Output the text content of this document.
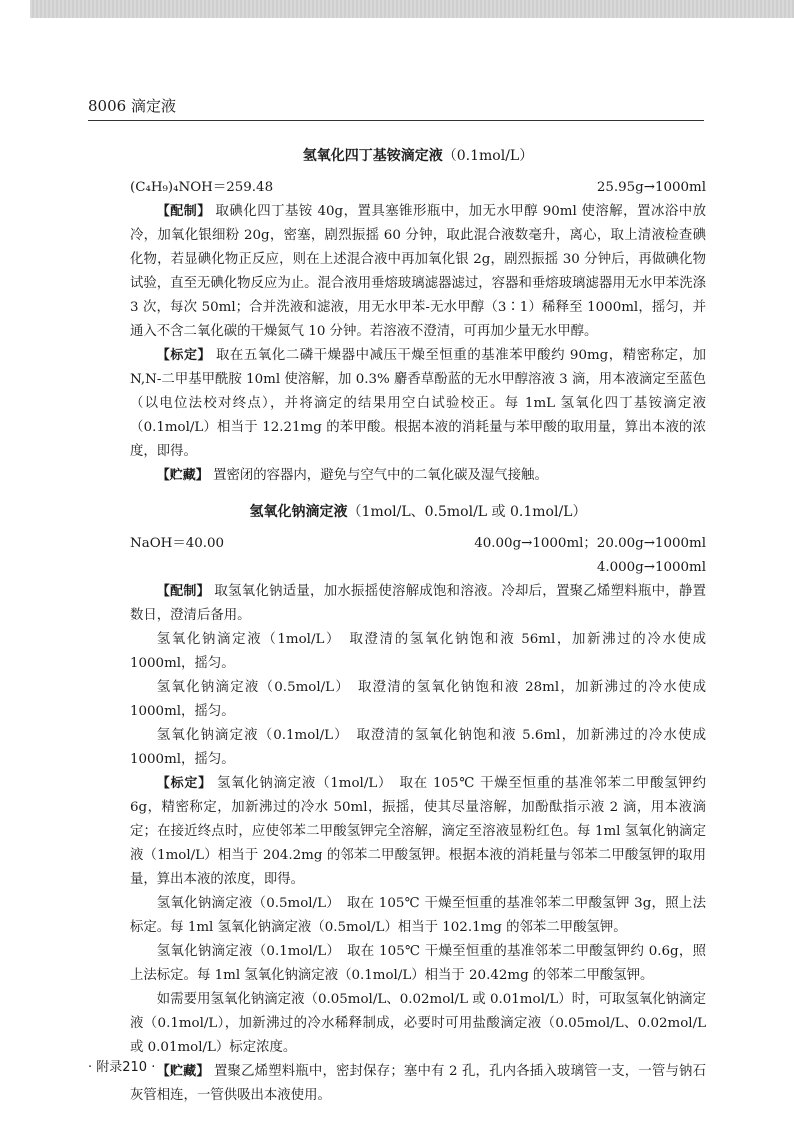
8006 滴定液
氢氧化四丁基铵滴定液（0.1mol/L）
(C₄H₉)₄NOH＝259.48	25.95g→1000ml

【配制】 取碘化四丁基铵 40g，置具塞锥形瓶中，加无水甲醇 90ml 使溶解，置冰浴中放冷，加氧化银细粉 20g，密塞，剧烈振摇 60 分钟，取此混合液数毫升，离心，取上清液检查碘化物，若显碘化物正反应，则在上述混合液中再加氧化银 2g，剧烈振摇 30 分钟后，再做碘化物试验，直至无碘化物反应为止。混合液用垂熔玻璃滤器滤过，容器和垂熔玻璃滤器用无水甲苯洗涤 3 次，每次 50ml；合并洗液和滤液，用无水甲苯-无水甲醇（3∶1）稀释至 1000ml，摇匀，并通入不含二氧化碳的干燥氮气 10 分钟。若溶液不澄清，可再加少量无水甲醇。

【标定】 取在五氧化二磷干燥器中减压干燥至恒重的基准苯甲酸约 90mg，精密称定，加 N,N-二甲基甲酰胺 10ml 使溶解，加 0.3% 麝香草酚蓝的无水甲醇溶液 3 滴，用本液滴定至蓝色（以电位法校对终点），并将滴定的结果用空白试验校正。每 1mL 氢氧化四丁基铵滴定液（0.1mol/L）相当于 12.21mg 的苯甲酸。根据本液的消耗量与苯甲酸的取用量，算出本液的浓度，即得。

【贮藏】 置密闭的容器内，避免与空气中的二氧化碳及湿气接触。

氢氧化钠滴定液（1mol/L、0.5mol/L 或 0.1mol/L）
NaOH＝40.00	40.00g→1000ml；20.00g→1000ml
4.000g→1000ml

【配制】 取氢氧化钠适量，加水振摇使溶解成饱和溶液。冷却后，置聚乙烯塑料瓶中，静置数日，澄清后备用。

氢氧化钠滴定液（1mol/L）　取澄清的氢氧化钠饱和液 56ml，加新沸过的冷水使成 1000ml，摇匀。

氢氧化钠滴定液（0.5mol/L）　取澄清的氢氧化钠饱和液 28ml，加新沸过的冷水使成 1000ml，摇匀。

氢氧化钠滴定液（0.1mol/L）　取澄清的氢氧化钠饱和液 5.6ml，加新沸过的冷水使成 1000ml，摇匀。

【标定】 氢氧化钠滴定液（1mol/L）　取在 105℃ 干燥至恒重的基准邻苯二甲酸氢钾约 6g，精密称定，加新沸过的冷水 50ml，振摇，使其尽量溶解，加酚酞指示液 2 滴，用本液滴定；在接近终点时，应使邻苯二甲酸氢钾完全溶解，滴定至溶液显粉红色。每 1ml 氢氧化钠滴定液（1mol/L）相当于 204.2mg 的邻苯二甲酸氢钾。根据本液的消耗量与邻苯二甲酸氢钾的取用量，算出本液的浓度，即得。

氢氧化钠滴定液（0.5mol/L）　取在 105℃ 干燥至恒重的基准邻苯二甲酸氢钾 3g，照上法标定。每 1ml 氢氧化钠滴定液（0.5mol/L）相当于 102.1mg 的邻苯二甲酸氢钾。

氢氧化钠滴定液（0.1mol/L）　取在 105℃ 干燥至恒重的基准邻苯二甲酸氢钾约 0.6g，照上法标定。每 1ml 氢氧化钠滴定液（0.1mol/L）相当于 20.42mg 的邻苯二甲酸氢钾。

如需要用氢氧化钠滴定液（0.05mol/L、0.02mol/L 或 0.01mol/L）时，可取氢氧化钠滴定液（0.1mol/L），加新沸过的冷水稀释制成，必要时可用盐酸滴定液（0.05mol/L、0.02mol/L 或 0.01mol/L）标定浓度。

【贮藏】 置聚乙烯塑料瓶中，密封保存；塞中有 2 孔，孔内各插入玻璃管一支，一管与钠石灰管相连，一管供吸出本液使用。

· 附录210 ·
